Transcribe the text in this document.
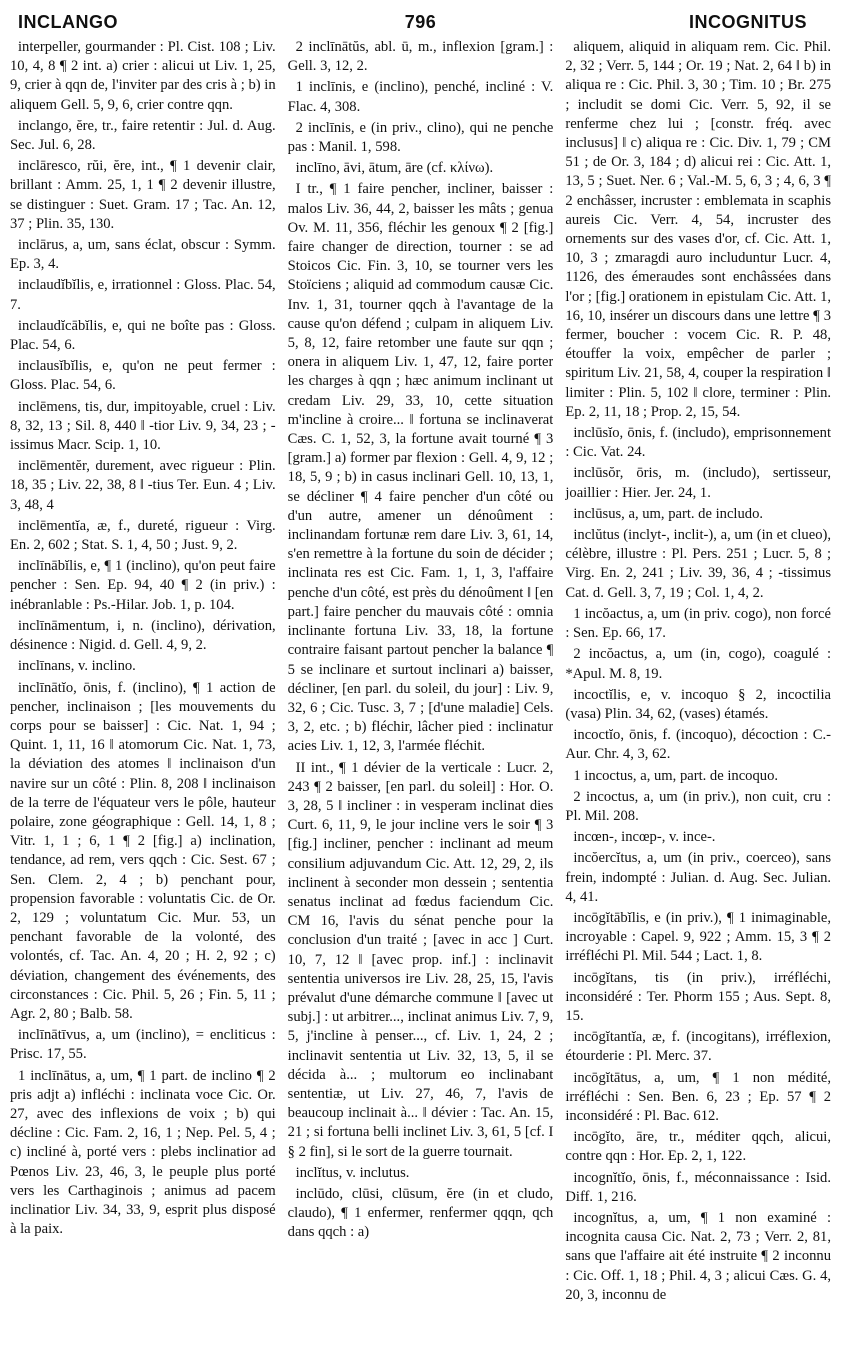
INCLANGO	796	INCOGNITUS

interpeller, gourmander : Pl. Cist. 108 ; Liv. 10, 4, 8 ¶ 2 int. a) crier : alicui ut Liv. 1, 25, 9, crier à qqn de, l'inviter par des cris à ; b) in aliquem Gell. 5, 9, 6, crier contre qqn.

inclango, ĕre, tr., faire retentir : Jul. d. Aug. Sec. Jul. 6, 28.

inclāresco, rŭi, ĕre, int., ¶ 1 devenir clair, brillant : Amm. 25, 1, 1 ¶ 2 devenir illustre, se distinguer : Suet. Gram. 17 ; Tac. An. 12, 37 ; Plin. 35, 130.

inclārus, a, um, sans éclat, obscur : Symm. Ep. 3, 4.

inclaudĭbĭlis, e, irrationnel : Gloss. Plac. 54, 7.

inclaudĭcābĭlis, e, qui ne boîte pas : Gloss. Plac. 54, 6.

inclausĭbĭlis, e, qu'on ne peut fermer : Gloss. Plac. 54, 6.

inclēmens, tis, dur, impitoyable, cruel : Liv. 8, 32, 13 ; Sil. 8, 440 ‖ -tior Liv. 9, 34, 23 ; -issimus Macr. Scip. 1, 10.

inclēmentĕr, durement, avec rigueur : Plin. 18, 35 ; Liv. 22, 38, 8 ‖ -tius Ter. Eun. 4 ; Liv. 3, 48, 4

inclēmentĭa, æ, f., dureté, rigueur : Virg. En. 2, 602 ; Stat. S. 1, 4, 50 ; Just. 9, 2.

inclīnābĭlis, e, ¶ 1 (inclino), qu'on peut faire pencher : Sen. Ep. 94, 40 ¶ 2 (in priv.) : inébranlable : Ps.-Hilar. Job. 1, p. 104.

inclīnāmentum, i, n. (inclino), dérivation, désinence : Nigid. d. Gell. 4, 9, 2.

inclīnans, v. inclino.

inclīnātĭo, ōnis, f. (inclino), ¶ 1 action de pencher, inclinaison ; [les mouvements du corps pour se baisser] : Cic. Nat. 1, 94 ; Quint. 1, 11, 16 ‖ atomorum Cic. Nat. 1, 73, la déviation des atomes ‖ inclinaison d'un navire sur un côté : Plin. 8, 208 ‖ inclinaison de la terre de l'équateur vers le pôle, hauteur polaire, zone géographique : Gell. 14, 1, 8 ; Vitr. 1, 1 ; 6, 1 ¶ 2 [fig.] a) inclination, tendance, ad rem, vers qqch : Cic. Sest. 67 ; Sen. Clem. 2, 4 ; b) penchant pour, propension favorable : voluntatis Cic. de Or. 2, 129 ; voluntatum Cic. Mur. 53, un penchant favorable de la volonté, des volontés, cf. Tac. An. 4, 20 ; H. 2, 92 ; c) déviation, changement des événements, des circonstances : Cic. Phil. 5, 26 ; Fin. 5, 11 ; Agr. 2, 80 ; Balb. 58.

inclīnātīvus, a, um (inclino), = encliticus : Prisc. 17, 55.

1 inclīnātus, a, um, ¶ 1 part. de inclino ¶ 2 pris adjt a) infléchi : inclinata voce Cic. Or. 27, avec des inflexions de voix ; b) qui décline : Cic. Fam. 2, 16, 1 ; Nep. Pel. 5, 4 ; c) incliné à, porté vers : plebs inclinatior ad Pœnos Liv. 23, 46, 3, le peuple plus porté vers les Carthaginois ; animus ad pacem inclinatior Liv. 34, 33, 9, esprit plus disposé à la paix.

2 inclīnātŭs, abl. ū, m., inflexion [gram.] : Gell. 3, 12, 2.

1 inclīnis, e (inclino), penché, incliné : V. Flac. 4, 308.

2 inclīnis, e (in priv., clino), qui ne penche pas : Manil. 1, 598.

inclīno, āvi, ātum, āre (cf. κλίνω).

I tr., ¶ 1 faire pencher, incliner, baisser : malos Liv. 36, 44, 2, baisser les mâts ; genua Ov. M. 11, 356, fléchir les genoux ¶ 2 [fig.] faire changer de direction, tourner : se ad Stoicos Cic. Fin. 3, 10, se tourner vers les Stoïciens ; aliquid ad commodum causæ Cic. Inv. 1, 31, tourner qqch à l'avantage de la cause qu'on défend ; culpam in aliquem Liv. 5, 8, 12, faire retomber une faute sur qqn ; onera in aliquem Liv. 1, 47, 12, faire porter les charges à qqn ; hæc animum inclinant ut credam Liv. 29, 33, 10, cette situation m'incline à croire... ‖ fortuna se inclinaverat Cæs. C. 1, 52, 3, la fortune avait tourné ¶ 3 [gram.] a) former par flexion : Gell. 4, 9, 12 ; 18, 5, 9 ; b) in casus inclinari Gell. 10, 13, 1, se décliner ¶ 4 faire pencher d'un côté ou d'un autre, amener un dénoûment : inclinandam fortunæ rem dare Liv. 3, 61, 14, s'en remettre à la fortune du soin de décider ; inclinata res est Cic. Fam. 1, 1, 3, l'affaire penche d'un côté, est près du dénoûment ‖ [en part.] faire pencher du mauvais côté : omnia inclinante fortuna Liv. 33, 18, la fortune contraire faisant partout pencher la balance ¶ 5 se inclinare et surtout inclinari a) baisser, décliner, [en parl. du soleil, du jour] : Liv. 9, 32, 6 ; Cic. Tusc. 3, 7 ; [d'une maladie] Cels. 3, 2, etc. ; b) fléchir, lâcher pied : inclinatur acies Liv. 1, 12, 3, l'armée fléchit.

II int., ¶ 1 dévier de la verticale : Lucr. 2, 243 ¶ 2 baisser, [en parl. du soleil] : Hor. O. 3, 28, 5 ‖ incliner : in vesperam inclinat dies Curt. 6, 11, 9, le jour incline vers le soir ¶ 3 [fig.] incliner, pencher : inclinant ad meum consilium adjuvandum Cic. Att. 12, 29, 2, ils inclinent à seconder mon dessein ; sententia senatus inclinat ad fœdus faciendum Cic. CM 16, l'avis du sénat penche pour la conclusion d'un traité ; [avec in acc ] Curt. 10, 7, 12 ‖ [avec prop. inf.] : inclinavit sententia universos ire Liv. 28, 25, 15, l'avis prévalut d'une démarche commune ‖ [avec ut subj.] : ut arbitrer..., inclinat animus Liv. 7, 9, 5, j'incline à penser..., cf. Liv. 1, 24, 2 ; inclinavit sententia ut Liv. 32, 13, 5, il se décida à... ; multorum eo inclinabant sententiæ, ut Liv. 27, 46, 7, l'avis de beaucoup inclinait à... ‖ dévier : Tac. An. 15, 21 ; si fortuna belli inclinet Liv. 3, 61, 5 [cf. I § 2 fin], si le sort de la guerre tournait.

inclĭtus, v. inclutus.

inclūdo, clūsi, clūsum, ĕre (in et cludo, claudo), ¶ 1 enfermer, renfermer qqqn, qch dans qqch : a)

aliquem, aliquid in aliquam rem. Cic. Phil. 2, 32 ; Verr. 5, 144 ; Or. 19 ; Nat. 2, 64 ‖ b) in aliqua re : Cic. Phil. 3, 30 ; Tim. 10 ; Br. 275 ; includit se domi Cic. Verr. 5, 92, il se renferme chez lui ; [constr. fréq. avec inclusus] ‖ c) aliqua re : Cic. Div. 1, 79 ; CM 51 ; de Or. 3, 184 ; d) alicui rei : Cic. Att. 1, 13, 5 ; Suet. Ner. 6 ; Val.-M. 5, 6, 3 ; 4, 6, 3 ¶ 2 enchâsser, incruster : emblemata in scaphis aureis Cic. Verr. 4, 54, incruster des ornements sur des vases d'or, cf. Cic. Att. 1, 10, 3 ; zmaragdi auro includuntur Lucr. 4, 1126, des émeraudes sont enchâssées dans l'or ; [fig.] orationem in epistulam Cic. Att. 1, 16, 10, insérer un discours dans une lettre ¶ 3 fermer, boucher : vocem Cic. R. P. 48, étouffer la voix, empêcher de parler ; spiritum Liv. 21, 58, 4, couper la respiration ‖ limiter : Plin. 5, 102 ‖ clore, terminer : Plin. Ep. 2, 11, 18 ; Prop. 2, 15, 54.

inclūsĭo, ōnis, f. (includo), emprisonnement : Cic. Vat. 24.

inclūsŏr, ōris, m. (includo), sertisseur, joaillier : Hier. Jer. 24, 1.

inclūsus, a, um, part. de includo.

inclŭtus (inclyt-, inclit-), a, um (in et clueo), célèbre, illustre : Pl. Pers. 251 ; Lucr. 5, 8 ; Virg. En. 2, 241 ; Liv. 39, 36, 4 ; -tissimus Cat. d. Gell. 3, 7, 19 ; Col. 1, 4, 2.

1 incŏactus, a, um (in priv. cogo), non forcé : Sen. Ep. 66, 17.

2 incŏactus, a, um (in, cogo), coagulé : *Apul. M. 8, 19.

incoctĭlis, e, v. incoquo § 2, incoctilia (vasa) Plin. 34, 62, (vases) étamés.

incoctĭo, ōnis, f. (incoquo), décoction : C.-Aur. Chr. 4, 3, 62.

1 incoctus, a, um, part. de incoquo.

2 incoctus, a, um (in priv.), non cuit, cru : Pl. Mil. 208.

incœn-, incœp-, v. ince-.

incŏercĭtus, a, um (in priv., coerceo), sans frein, indompté : Julian. d. Aug. Sec. Julian. 4, 41.

incōgĭtābĭlis, e (in priv.), ¶ 1 inimaginable, incroyable : Capel. 9, 922 ; Amm. 15, 3 ¶ 2 irréfléchi Pl. Mil. 544 ; Lact. 1, 8.

incōgĭtans, tis (in priv.), irréfléchi, inconsidéré : Ter. Phorm 155 ; Aus. Sept. 8, 15.

incōgĭtantĭa, æ, f. (incogitans), irréflexion, étourderie : Pl. Merc. 37.

incōgĭtātus, a, um, ¶ 1 non médité, irréfléchi : Sen. Ben. 6, 23 ; Ep. 57 ¶ 2 inconsidéré : Pl. Bac. 612.

incōgĭto, āre, tr., méditer qqch, alicui, contre qqn : Hor. Ep. 2, 1, 122.

incognĭtĭo, ōnis, f., méconnaissance : Isid. Diff. 1, 216.

incognĭtus, a, um, ¶ 1 non examiné : incognita causa Cic. Nat. 2, 73 ; Verr. 2, 81, sans que l'affaire ait été instruite ¶ 2 inconnu : Cic. Off. 1, 18 ; Phil. 4, 3 ; alicui Cæs. G. 4, 20, 3, inconnu de
